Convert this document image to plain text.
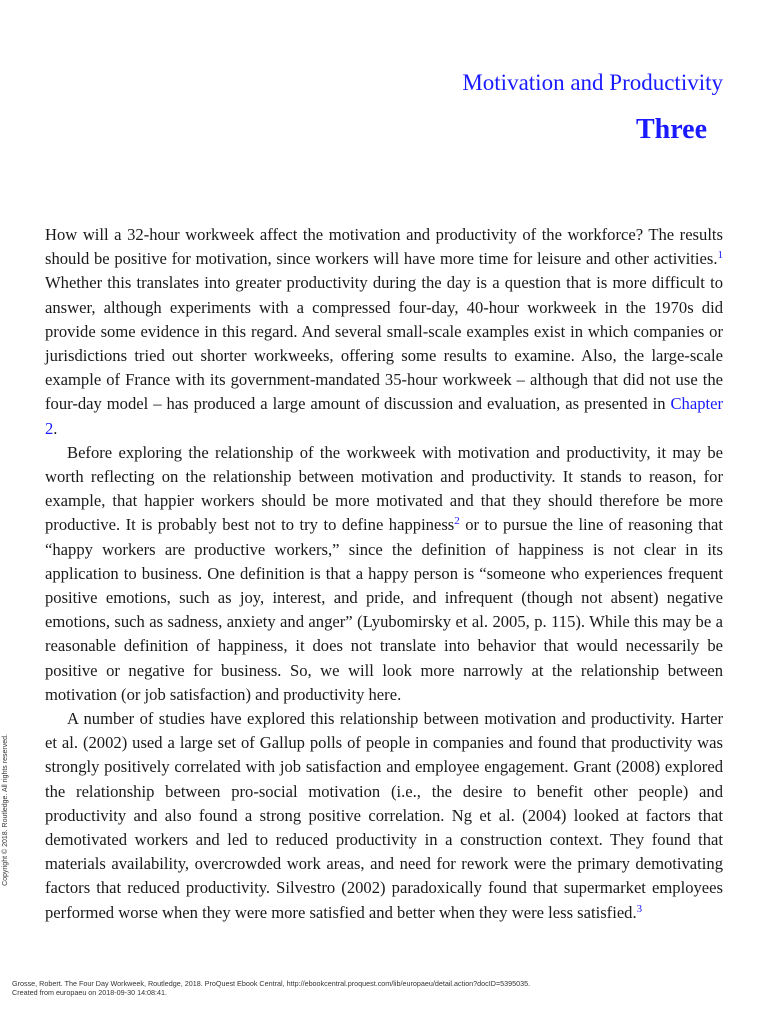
Motivation and Productivity
Three

How will a 32-hour workweek affect the motivation and productivity of the workforce? The results should be positive for motivation, since workers will have more time for leisure and other activities.$^1$ Whether this translates into greater productivity during the day is a question that is more difficult to answer, although experiments with a compressed four-day, 40-hour workweek in the 1970s did provide some evidence in this regard. And several small-scale examples exist in which companies or jurisdictions tried out shorter workweeks, offering some results to examine. Also, the large-scale example of France with its government-mandated 35-hour workweek – although that did not use the four-day model – has produced a large amount of discussion and evaluation, as presented in Chapter 2.

Before exploring the relationship of the workweek with motivation and productivity, it may be worth reflecting on the relationship between motivation and productivity. It stands to reason, for example, that happier workers should be more motivated and that they should therefore be more productive. It is probably best not to try to define happiness$^2$ or to pursue the line of reasoning that “happy workers are productive workers,” since the definition of happiness is not clear in its application to business. One definition is that a happy person is “someone who experiences frequent positive emotions, such as joy, interest, and pride, and infrequent (though not absent) negative emotions, such as sadness, anxiety and anger” (Lyubomirsky et al. 2005, p. 115). While this may be a reasonable definition of happiness, it does not translate into behavior that would necessarily be positive or negative for business. So, we will look more narrowly at the relationship between motivation (or job satisfaction) and productivity here.

A number of studies have explored this relationship between motivation and productivity. Harter et al. (2002) used a large set of Gallup polls of people in companies and found that productivity was strongly positively correlated with job satisfaction and employee engagement. Grant (2008) explored the relationship between pro-social motivation (i.e., the desire to benefit other people) and productivity and also found a strong positive correlation. Ng et al. (2004) looked at factors that demotivated workers and led to reduced productivity in a construction context. They found that materials availability, overcrowded work areas, and need for rework were the primary demotivating factors that reduced productivity. Silvestro (2002) paradoxically found that supermarket employees performed worse when they were more satisfied and better when they were less satisfied.$^3$

Copyright © 2018. Routledge. All rights reserved.
Grosse, Robert. The Four Day Workweek, Routledge, 2018. ProQuest Ebook Central, http://ebookcentral.proquest.com/lib/europaeu/detail.action?docID=5395035.
Created from europaeu on 2018-09-30 14:08:41.
